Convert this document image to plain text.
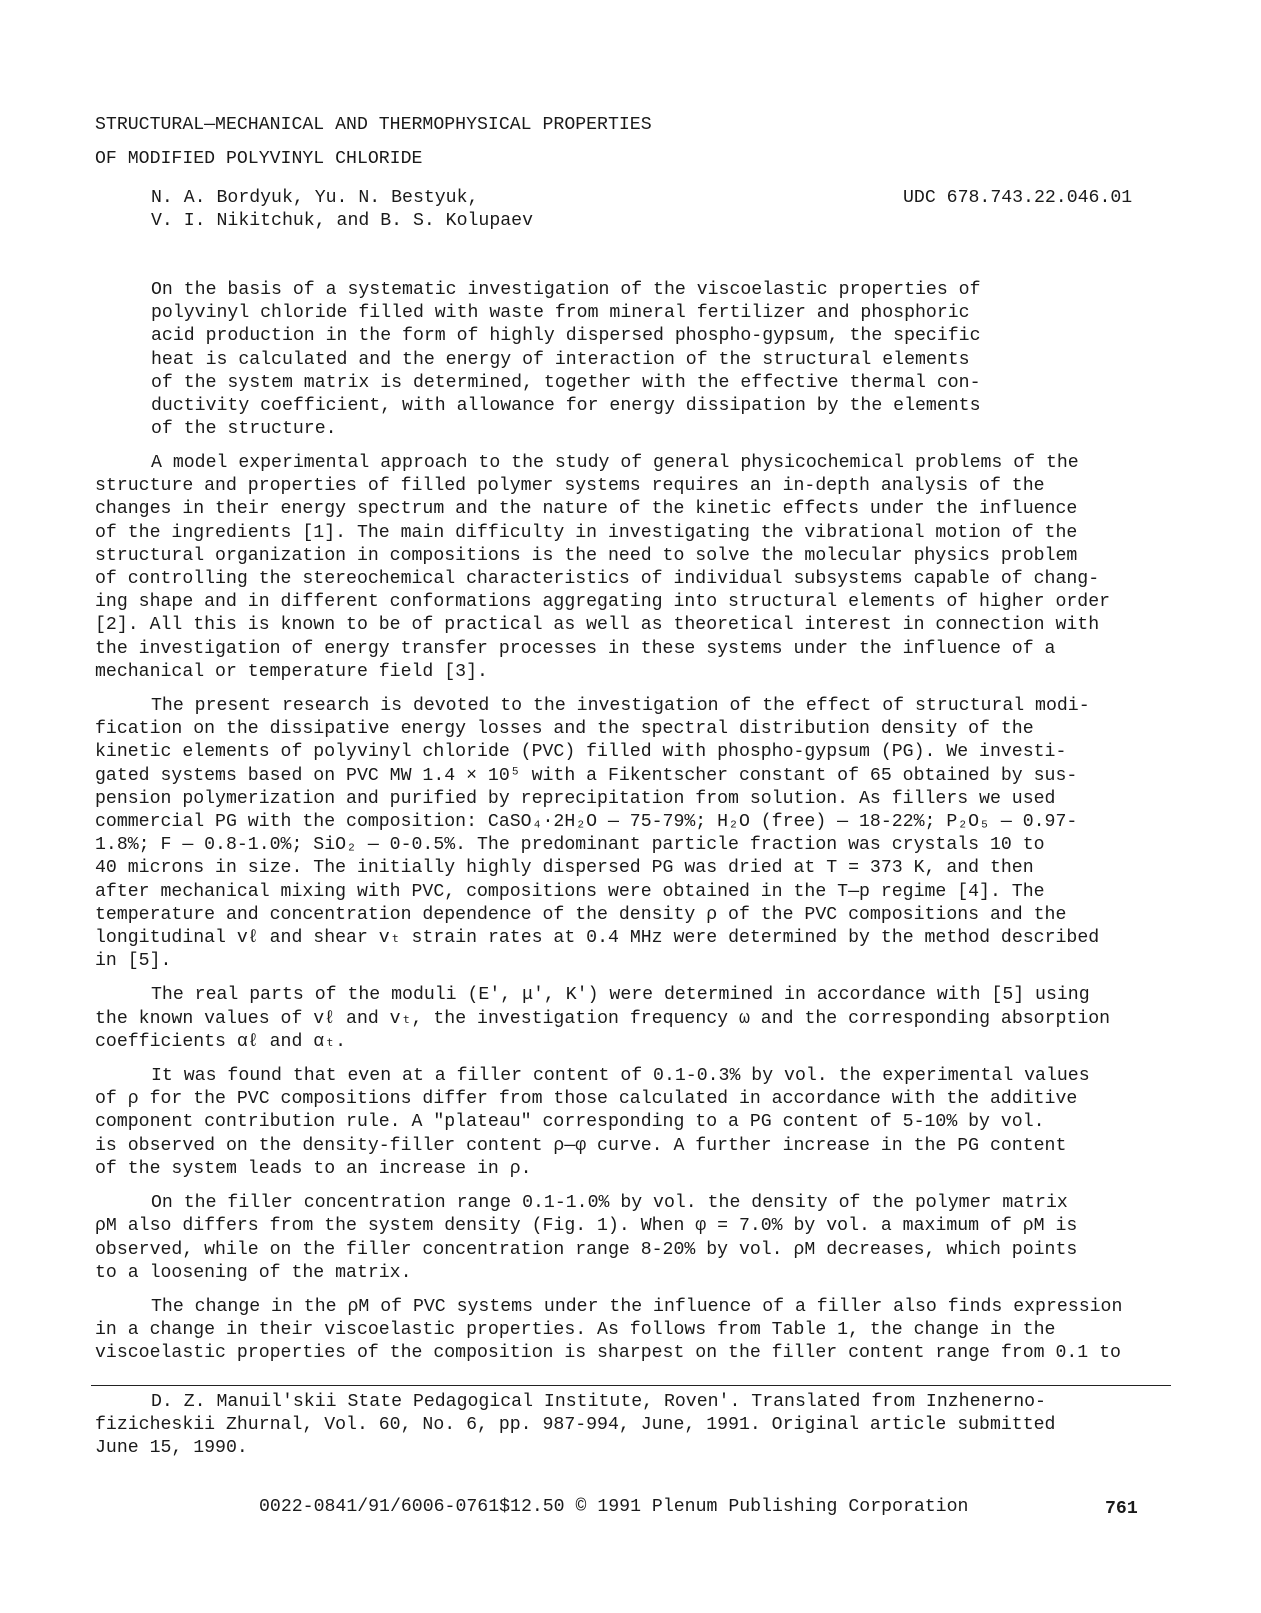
STRUCTURAL—MECHANICAL AND THERMOPHYSICAL PROPERTIES
OF MODIFIED POLYVINYL CHLORIDE
N. A. Bordyuk, Yu. N. Bestyuk,
V. I. Nikitchuk, and B. S. Kolupaev
UDC 678.743.22.046.01
On the basis of a systematic investigation of the viscoelastic properties of
polyvinyl chloride filled with waste from mineral fertilizer and phosphoric
acid production in the form of highly dispersed phospho-gypsum, the specific
heat is calculated and the energy of interaction of the structural elements
of the system matrix is determined, together with the effective thermal con-
ductivity coefficient, with allowance for energy dissipation by the elements
of the structure.
A model experimental approach to the study of general physicochemical problems of the
structure and properties of filled polymer systems requires an in-depth analysis of the
changes in their energy spectrum and the nature of the kinetic effects under the influence
of the ingredients [1]. The main difficulty in investigating the vibrational motion of the
structural organization in compositions is the need to solve the molecular physics problem
of controlling the stereochemical characteristics of individual subsystems capable of chang-
ing shape and in different conformations aggregating into structural elements of higher order
[2]. All this is known to be of practical as well as theoretical interest in connection with
the investigation of energy transfer processes in these systems under the influence of a
mechanical or temperature field [3].
The present research is devoted to the investigation of the effect of structural modi-
fication on the dissipative energy losses and the spectral distribution density of the
kinetic elements of polyvinyl chloride (PVC) filled with phospho-gypsum (PG). We investi-
gated systems based on PVC MW 1.4 × 10⁵ with a Fikentscher constant of 65 obtained by sus-
pension polymerization and purified by reprecipitation from solution. As fillers we used
commercial PG with the composition: CaSO₄·2H₂O — 75-79%; H₂O (free) — 18-22%; P₂O₅ — 0.97-
1.8%; F — 0.8-1.0%; SiO₂ — 0-0.5%. The predominant particle fraction was crystals 10 to
40 microns in size. The initially highly dispersed PG was dried at T = 373 K, and then
after mechanical mixing with PVC, compositions were obtained in the T—p regime [4]. The
temperature and concentration dependence of the density ρ of the PVC compositions and the
longitudinal vℓ and shear vₜ strain rates at 0.4 MHz were determined by the method described
in [5].
The real parts of the moduli (E', μ', K') were determined in accordance with [5] using
the known values of vℓ and vₜ, the investigation frequency ω and the corresponding absorption
coefficients αℓ and αₜ.
It was found that even at a filler content of 0.1-0.3% by vol. the experimental values
of ρ for the PVC compositions differ from those calculated in accordance with the additive
component contribution rule. A "plateau" corresponding to a PG content of 5-10% by vol.
is observed on the density-filler content ρ—φ curve. A further increase in the PG content
of the system leads to an increase in ρ.
On the filler concentration range 0.1-1.0% by vol. the density of the polymer matrix
ρM also differs from the system density (Fig. 1). When φ = 7.0% by vol. a maximum of ρM is
observed, while on the filler concentration range 8-20% by vol. ρM decreases, which points
to a loosening of the matrix.
The change in the ρM of PVC systems under the influence of a filler also finds expression
in a change in their viscoelastic properties. As follows from Table 1, the change in the
viscoelastic properties of the composition is sharpest on the filler content range from 0.1 to
D. Z. Manuil'skii State Pedagogical Institute, Roven'. Translated from Inzhenerno-
fizicheskii Zhurnal, Vol. 60, No. 6, pp. 987-994, June, 1991. Original article submitted
June 15, 1990.
0022-0841/91/6006-0761$12.50 © 1991 Plenum Publishing Corporation	761
